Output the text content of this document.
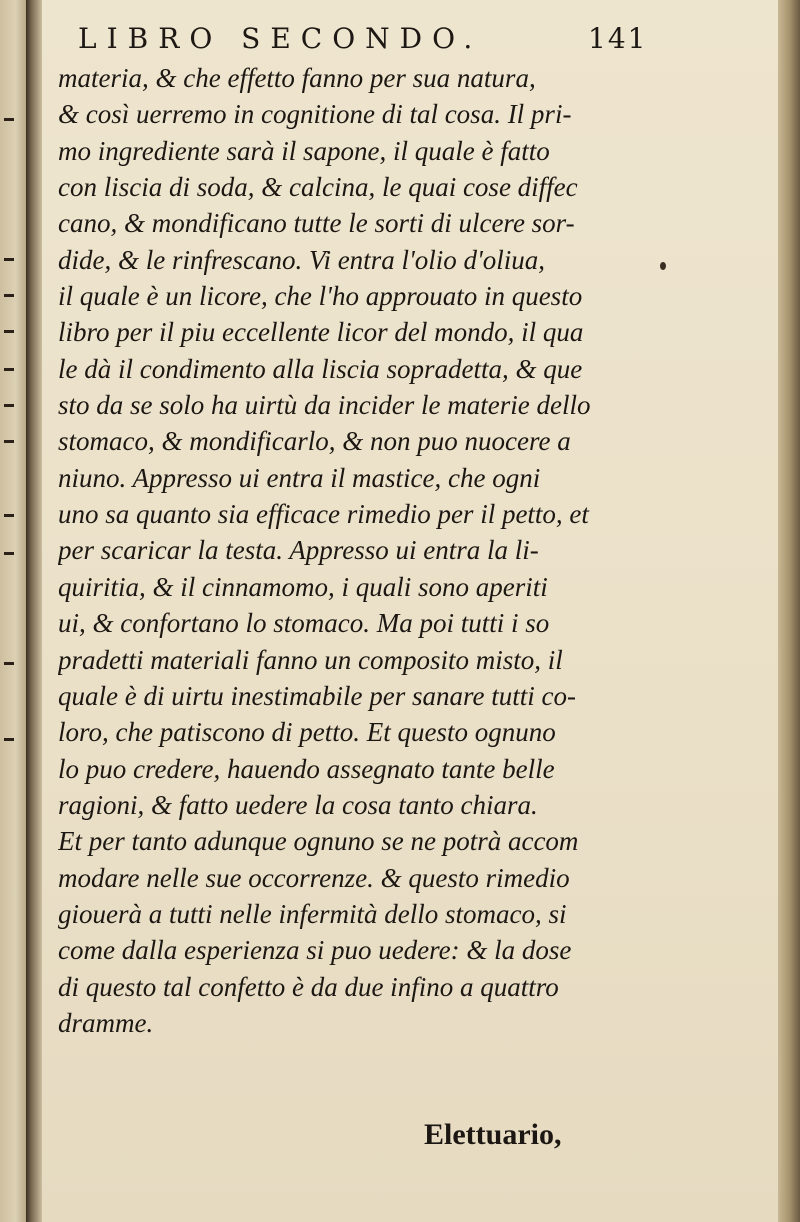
LIBRO SECONDO.	141
materia, & che effetto fanno per sua natura,
& così uerremo in cognitione di tal cosa. Il pri-
mo ingrediente sarà il sapone, il quale è fatto
con liscia di soda, & calcina, le quai cose diffec
cano, & mondificano tutte le sorti di ulcere sor-
dide, & le rinfrescano. Vi entra l'olio d'oliua,
il quale è un licore, che l'ho approuato in questo
libro per il piu eccellente licor del mondo, il qua
le dà il condimento alla liscia sopradetta, & que
sto da se solo ha uirtù da incider le materie dello
stomaco, & mondificarlo, & non puo nuocere a
niuno. Appresso ui entra il mastice, che ogni
uno sa quanto sia efficace rimedio per il petto, et
per scaricar la testa. Appresso ui entra la li-
quiritia, & il cinnamomo, i quali sono aperiti
ui, & confortano lo stomaco. Ma poi tutti i so
pradetti materiali fanno un composito misto, il
quale è di uirtu inestimabile per sanare tutti co-
loro, che patiscono di petto. Et questo ognuno
lo puo credere, hauendo assegnato tante belle
ragioni, & fatto uedere la cosa tanto chiara.
Et per tanto adunque ognuno se ne potrà accom
modare nelle sue occorrenze. & questo rimedio
giouerà a tutti nelle infermità dello stomaco, si
come dalla esperienza si puo uedere: & la dose
di questo tal confetto è da due infino a quattro
dramme.
Elettuario,
